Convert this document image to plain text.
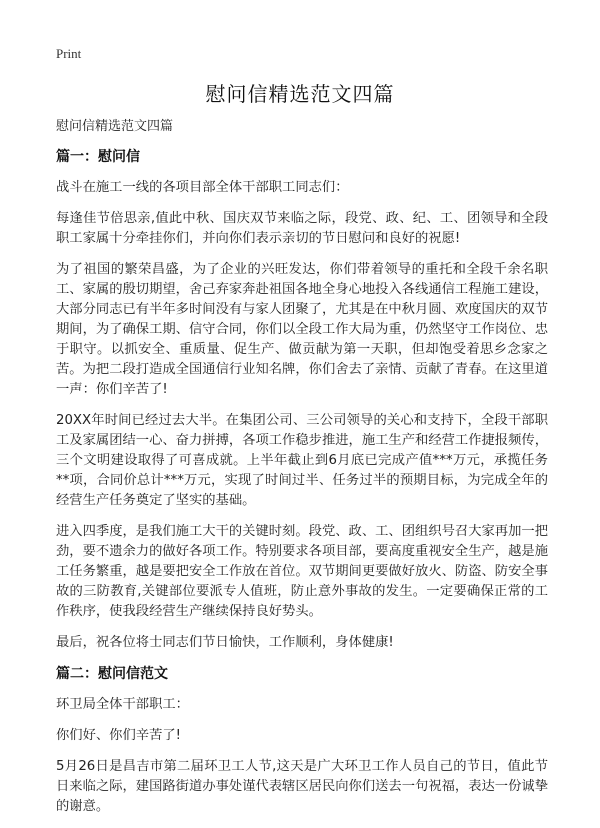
Print
慰问信精选范文四篇
慰问信精选范文四篇
篇一：慰问信

战斗在施工一线的各项目部全体干部职工同志们：

每逢佳节倍思亲,值此中秋、国庆双节来临之际，段党、政、纪、工、团领导和全段职工家属十分牵挂你们，并向你们表示亲切的节日慰问和良好的祝愿!

为了祖国的繁荣昌盛，为了企业的兴旺发达，你们带着领导的重托和全段千余名职工、家属的殷切期望，舍己弃家奔赴祖国各地全身心地投入各线通信工程施工建设，大部分同志已有半年多时间没有与家人团聚了，尤其是在中秋月圆、欢度国庆的双节期间，为了确保工期、信守合同，你们以全段工作大局为重，仍然坚守工作岗位、忠于职守。以抓安全、重质量、促生产、做贡献为第一天职，但却饱受着思乡念家之苦。为把二段打造成全国通信行业知名牌，你们舍去了亲情、贡献了青春。在这里道一声：你们辛苦了!

20XX年时间已经过去大半。在集团公司、三公司领导的关心和支持下，全段干部职工及家属团结一心、奋力拼搏，各项工作稳步推进，施工生产和经营工作捷报频传，三个文明建设取得了可喜成就。上半年截止到6月底已完成产值***万元，承揽任务**项，合同价总计***万元，实现了时间过半、任务过半的预期目标，为完成全年的经营生产任务奠定了坚实的基础。

进入四季度，是我们施工大干的关键时刻。段党、政、工、团组织号召大家再加一把劲，要不遗余力的做好各项工作。特别要求各项目部，要高度重视安全生产，越是施工任务繁重，越是要把安全工作放在首位。双节期间更要做好放火、防盗、防安全事故的三防教育,关键部位要派专人值班，防止意外事故的发生。一定要确保正常的工作秩序，使我段经营生产继续保持良好势头。

最后，祝各位将士同志们节日愉快，工作顺利，身体健康!

篇二：慰问信范文

环卫局全体干部职工：

你们好、你们辛苦了!

5月26日是昌吉市第二届环卫工人节,这天是广大环卫工作人员自己的节日，值此节日来临之际，建国路街道办事处谨代表辖区居民向你们送去一句祝福，表达一份诚挚的谢意。
